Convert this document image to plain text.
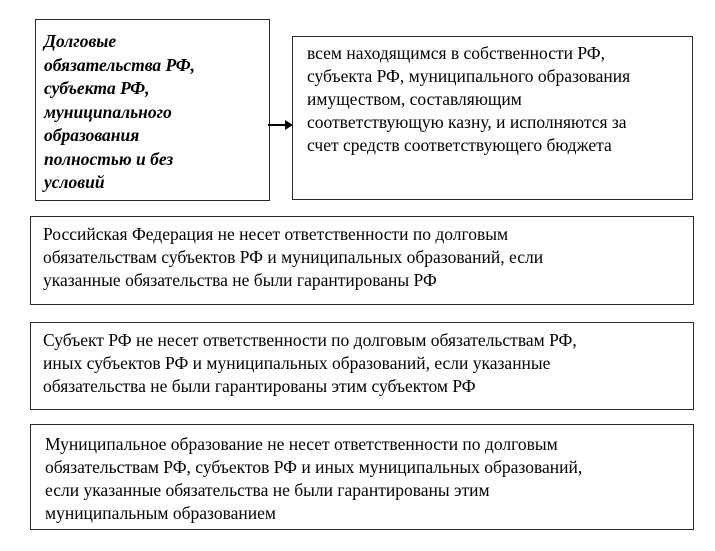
Долговые
обязательства РФ,
субъекта РФ,
муниципального
образования
полностью и без
условий
всем находящимся в собственности РФ,
субъекта РФ, муниципального образования
имуществом, составляющим
соответствующую казну, и исполняются за
счет средств соответствующего бюджета
Российская Федерация не несет ответственности по долговым
обязательствам субъектов РФ и муниципальных образований, если
указанные обязательства не были гарантированы РФ
Субъект РФ не несет ответственности по долговым обязательствам РФ,
иных субъектов РФ и муниципальных образований, если указанные
обязательства не были гарантированы этим субъектом РФ
Муниципальное образование не несет ответственности по долговым
обязательствам РФ, субъектов РФ и иных муниципальных образований,
если указанные обязательства не были гарантированы этим
муниципальным образованием
